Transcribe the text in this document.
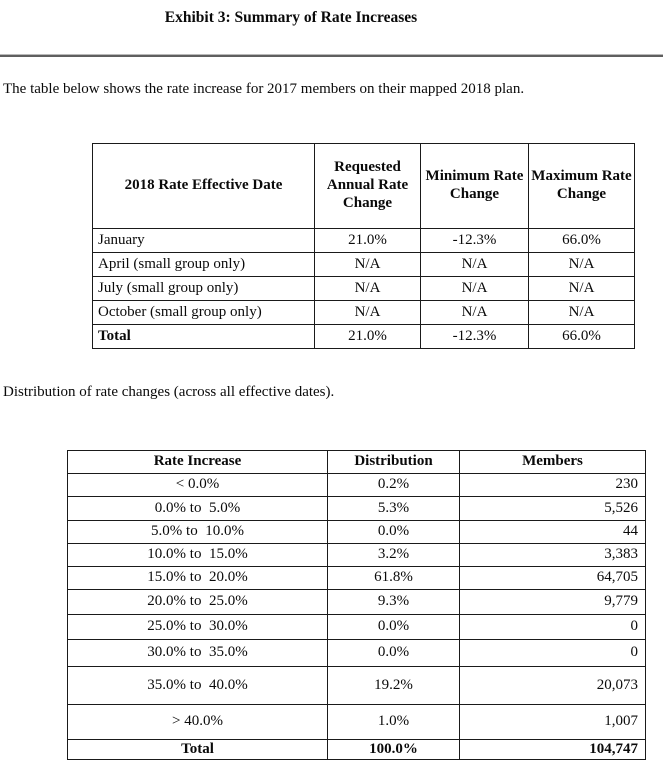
Exhibit 3: Summary of Rate Increases

The table below shows the rate increase for 2017 members on their mapped 2018 plan.

2018 Rate Effective Date	Requested Annual Rate Change	Minimum Rate Change	Maximum Rate Change
January	21.0%	-12.3%	66.0%
April (small group only)	N/A	N/A	N/A
July (small group only)	N/A	N/A	N/A
October (small group only)	N/A	N/A	N/A
Total	21.0%	-12.3%	66.0%

Distribution of rate changes (across all effective dates).

Rate Increase	Distribution	Members
< 0.0%	0.2%	230
0.0% to  5.0%	5.3%	5,526
5.0% to  10.0%	0.0%	44
10.0% to  15.0%	3.2%	3,383
15.0% to  20.0%	61.8%	64,705
20.0% to  25.0%	9.3%	9,779
25.0% to  30.0%	0.0%	0
30.0% to  35.0%	0.0%	0
35.0% to  40.0%	19.2%	20,073
> 40.0%	1.0%	1,007
Total	100.0%	104,747
